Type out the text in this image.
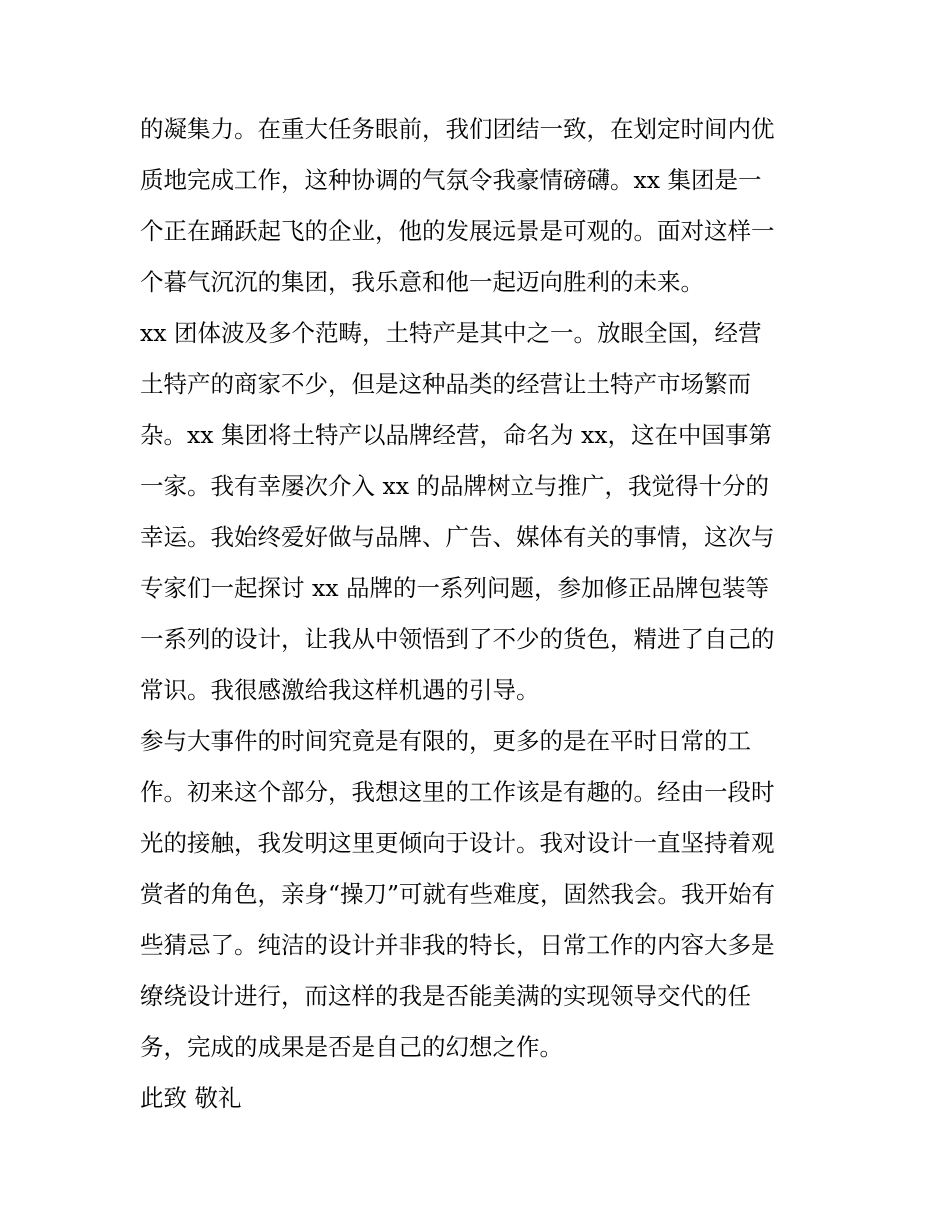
的凝集力。在重大任务眼前，我们团结一致，在划定时间内优
质地完成工作，这种协调的气氛令我豪情磅礴。xx 集团是一
个正在踊跃起飞的企业，他的发展远景是可观的。面对这样一
个暮气沉沉的集团，我乐意和他一起迈向胜利的未来。
xx 团体波及多个范畴，土特产是其中之一。放眼全国，经营
土特产的商家不少，但是这种品类的经营让土特产市场繁而
杂。xx 集团将土特产以品牌经营，命名为 xx，这在中国事第
一家。我有幸屡次介入 xx 的品牌树立与推广，我觉得十分的
幸运。我始终爱好做与品牌、广告、媒体有关的事情，这次与
专家们一起探讨 xx 品牌的一系列问题，参加修正品牌包装等
一系列的设计，让我从中领悟到了不少的货色，精进了自己的
常识。我很感激给我这样机遇的引导。
参与大事件的时间究竟是有限的，更多的是在平时日常的工
作。初来这个部分，我想这里的工作该是有趣的。经由一段时
光的接触，我发明这里更倾向于设计。我对设计一直坚持着观
赏者的角色，亲身“操刀”可就有些难度，固然我会。我开始有
些猜忌了。纯洁的设计并非我的特长，日常工作的内容大多是
缭绕设计进行，而这样的我是否能美满的实现领导交代的任
务，完成的成果是否是自己的幻想之作。
此致 敬礼
